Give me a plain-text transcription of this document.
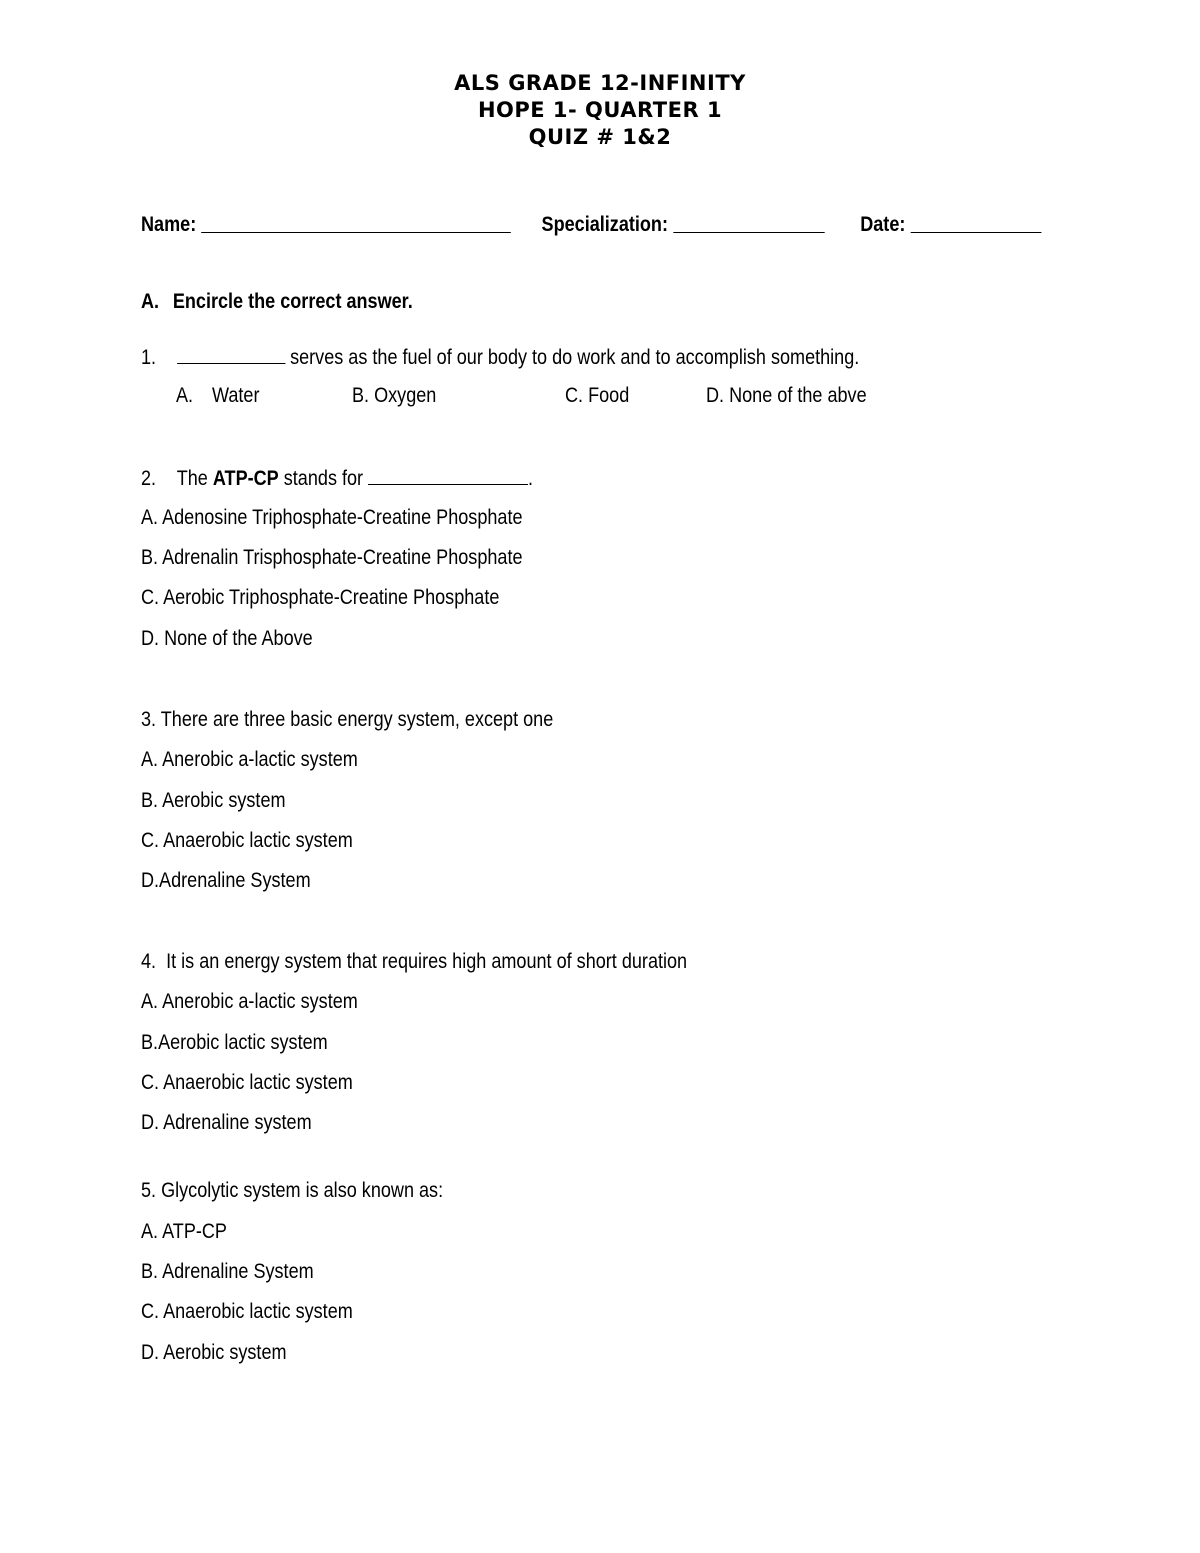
ALS GRADE 12-INFINITY
HOPE 1- QUARTER 1
QUIZ # 1&2
Name:	Specialization:	Date:
A. Encircle the correct answer.
1.	serves as the fuel of our body to do work and to accomplish something.
A. Water	B. Oxygen	C. Food	D. None of the abve
2. The ATP-CP stands for	.
A. Adenosine Triphosphate-Creatine Phosphate
B. Adrenalin Trisphosphate-Creatine Phosphate
C. Aerobic Triphosphate-Creatine Phosphate
D. None of the Above
3. There are three basic energy system, except one
A. Anerobic a-lactic system
B. Aerobic system
C. Anaerobic lactic system
D.Adrenaline System
4.  It is an energy system that requires high amount of short duration
A. Anerobic a-lactic system
B.Aerobic lactic system
C. Anaerobic lactic system
D. Adrenaline system
5. Glycolytic system is also known as:
A. ATP-CP
B. Adrenaline System
C. Anaerobic lactic system
D. Aerobic system
